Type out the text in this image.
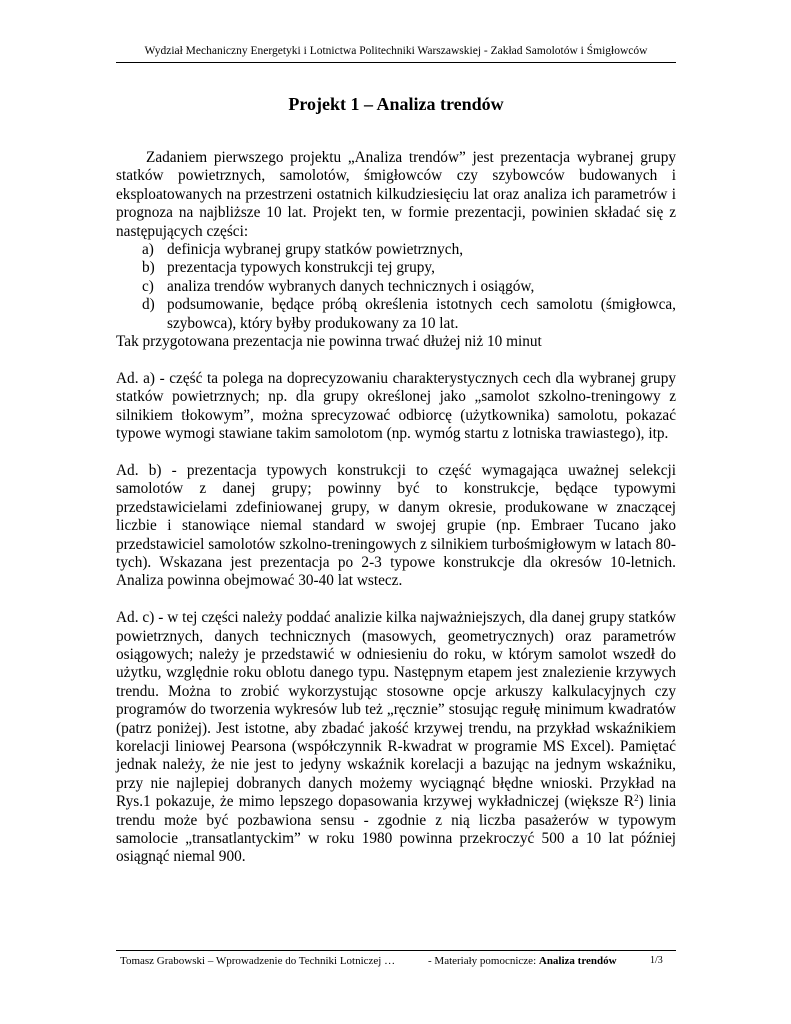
Wydział Mechaniczny Energetyki i Lotnictwa Politechniki Warszawskiej - Zakład Samolotów i Śmigłowców
Projekt 1 – Analiza trendów

Zadaniem pierwszego projektu „Analiza trendów” jest prezentacja wybranej grupy statków powietrznych, samolotów, śmigłowców czy szybowców budowanych i eksploatowanych na przestrzeni ostatnich kilkudziesięciu lat oraz analiza ich parametrów i prognoza na najbliższe 10 lat. Projekt ten, w formie prezentacji, powinien składać się z następujących części:

a) definicja wybranej grupy statków powietrznych,
b) prezentacja typowych konstrukcji tej grupy,
c) analiza trendów wybranych danych technicznych i osiągów,
d) podsumowanie, będące próbą określenia istotnych cech samolotu (śmigłowca, szybowca), który byłby produkowany za 10 lat.

Tak przygotowana prezentacja nie powinna trwać dłużej niż 10 minut

Ad. a) - część ta polega na doprecyzowaniu charakterystycznych cech dla wybranej grupy statków powietrznych; np. dla grupy określonej jako „samolot szkolno-treningowy z silnikiem tłokowym”, można sprecyzować odbiorcę (użytkownika) samolotu, pokazać typowe wymogi stawiane takim samolotom (np. wymóg startu z lotniska trawiastego), itp.

Ad. b) - prezentacja typowych konstrukcji to część wymagająca uważnej selekcji samolotów z danej grupy; powinny być to konstrukcje, będące typowymi przedstawicielami zdefiniowanej grupy, w danym okresie, produkowane w znaczącej liczbie i stanowiące niemal standard w swojej grupie (np. Embraer Tucano jako przedstawiciel samolotów szkolno-treningowych z silnikiem turbośmigłowym w latach 80-tych). Wskazana jest prezentacja po 2-3 typowe konstrukcje dla okresów 10-letnich. Analiza powinna obejmować 30-40 lat wstecz.

Ad. c) - w tej części należy poddać analizie kilka najważniejszych, dla danej grupy statków powietrznych, danych technicznych (masowych, geometrycznych) oraz parametrów osiągowych; należy je przedstawić w odniesieniu do roku, w którym samolot wszedł do użytku, względnie roku oblotu danego typu. Następnym etapem jest znalezienie krzywych trendu. Można to zrobić wykorzystując stosowne opcje arkuszy kalkulacyjnych czy programów do tworzenia wykresów lub też „ręcznie” stosując regułę minimum kwadratów (patrz poniżej). Jest istotne, aby zbadać jakość krzywej trendu, na przykład wskaźnikiem korelacji liniowej Pearsona (współczynnik R-kwadrat w programie MS Excel). Pamiętać jednak należy, że nie jest to jedyny wskaźnik korelacji a bazując na jednym wskaźniku, przy nie najlepiej dobranych danych możemy wyciągnąć błędne wnioski. Przykład na Rys.1 pokazuje, że mimo lepszego dopasowania krzywej wykładniczej (większe $R^2$) linia trendu może być pozbawiona sensu - zgodnie z nią liczba pasażerów w typowym samolocie „transatlantyckim” w roku 1980 powinna przekroczyć 500 a 10 lat później osiągnąć niemal 900.

Tomasz Grabowski – Wprowadzenie do Techniki Lotniczej …	- Materiały pomocnicze: Analiza trendów	1/3
